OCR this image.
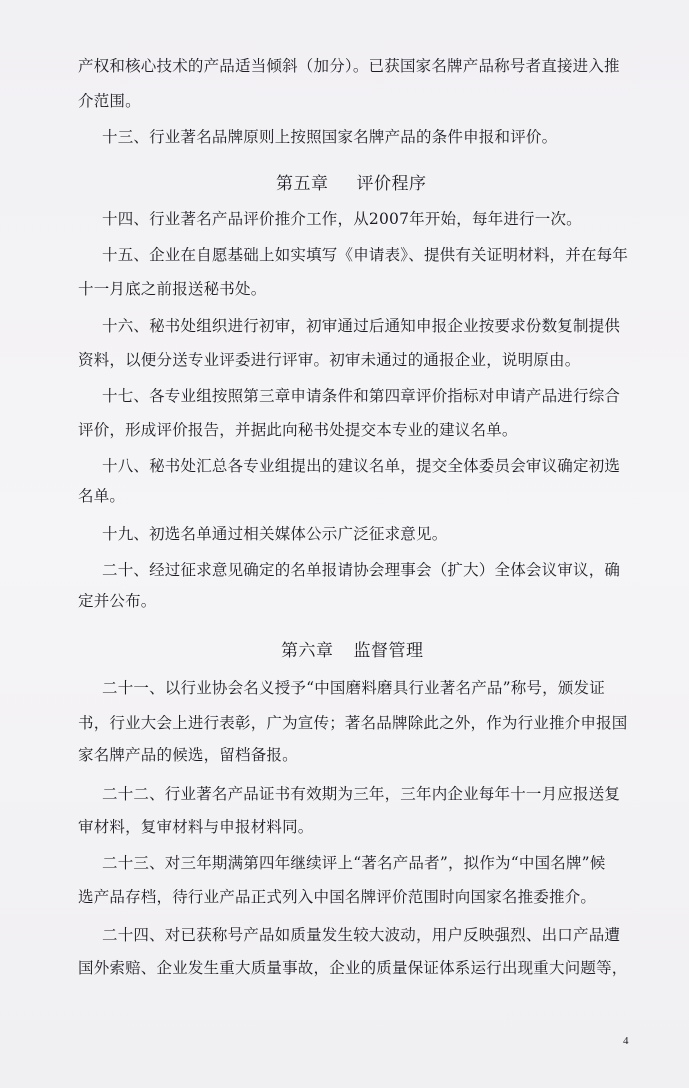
产权和核心技术的产品适当倾斜（加分）。已获国家名牌产品称号者直接进入推
介范围。
十三、行业著名品牌原则上按照国家名牌产品的条件申报和评价。
第五章 评价程序
十四、行业著名产品评价推介工作，从2007年开始，每年进行一次。
十五、企业在自愿基础上如实填写《申请表》、提供有关证明材料，并在每年
十一月底之前报送秘书处。
十六、秘书处组织进行初审，初审通过后通知申报企业按要求份数复制提供
资料，以便分送专业评委进行评审。初审未通过的通报企业，说明原由。
十七、各专业组按照第三章申请条件和第四章评价指标对申请产品进行综合
评价，形成评价报告，并据此向秘书处提交本专业的建议名单。
十八、秘书处汇总各专业组提出的建议名单，提交全体委员会审议确定初选
名单。
十九、初选名单通过相关媒体公示广泛征求意见。
二十、经过征求意见确定的名单报请协会理事会（扩大）全体会议审议，确
定并公布。
第六章 监督管理
二十一、以行业协会名义授予“中国磨料磨具行业著名产品”称号，颁发证
书，行业大会上进行表彰，广为宣传；著名品牌除此之外，作为行业推介申报国
家名牌产品的候选，留档备报。
二十二、行业著名产品证书有效期为三年，三年内企业每年十一月应报送复
审材料，复审材料与申报材料同。
二十三、对三年期满第四年继续评上“著名产品者”，拟作为“中国名牌”候
选产品存档，待行业产品正式列入中国名牌评价范围时向国家名推委推介。
二十四、对已获称号产品如质量发生较大波动，用户反映强烈、出口产品遭
国外索赔、企业发生重大质量事故，企业的质量保证体系运行出现重大问题等，
4
